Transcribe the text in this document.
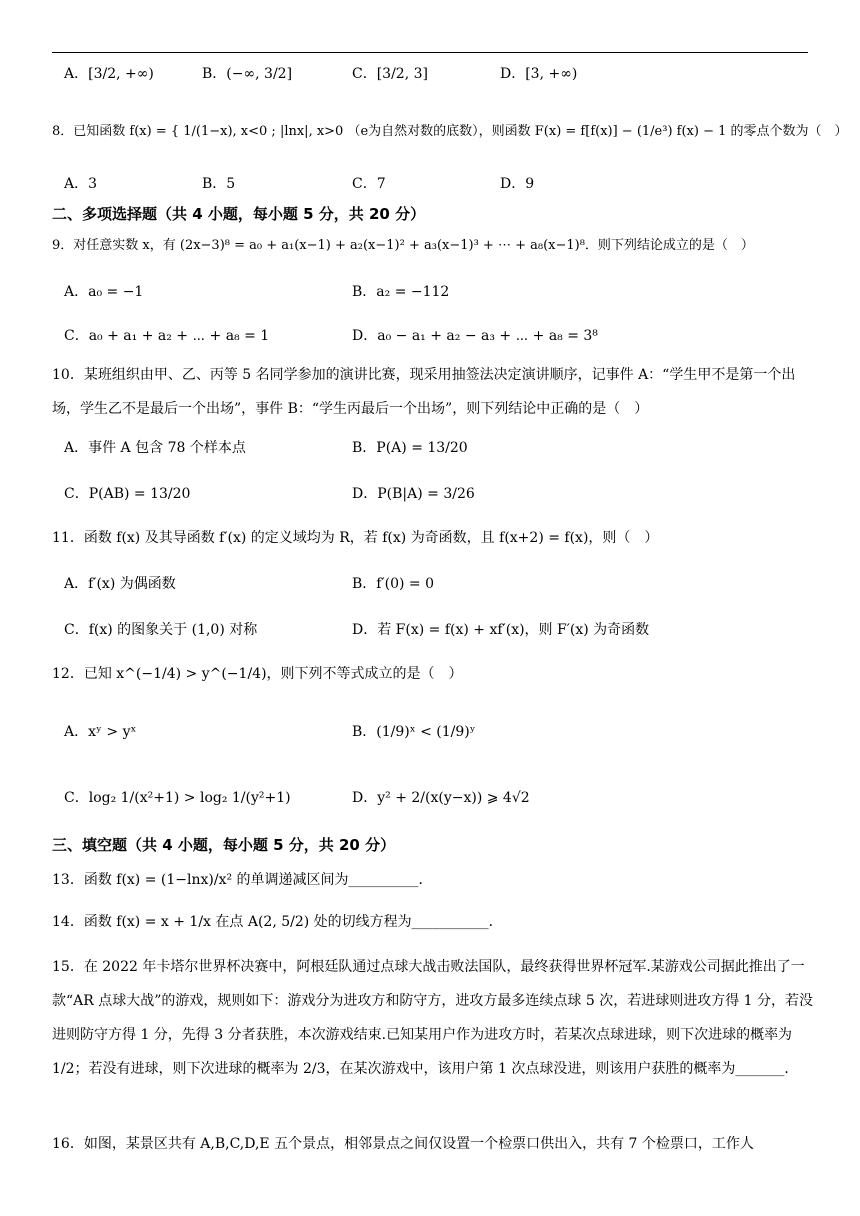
A．[3/2, +∞)	B．(−∞, 3/2]	C．[3/2, 3]	D．[3, +∞)
8．已知函数 f(x) = { 1/(1−x), x<0 ; |lnx|, x>0 （e为自然对数的底数），则函数 F(x) = f[f(x)] − (1/e³) f(x) − 1 的零点个数为（　）
A．3	B．5	C．7	D．9
二、多项选择题（共 4 小题，每小题 5 分，共 20 分）
9．对任意实数 x，有 (2x−3)⁸ = a₀ + a₁(x−1) + a₂(x−1)² + a₃(x−1)³ + ⋯ + a₈(x−1)⁸．则下列结论成立的是（　）
A．a₀ = −1	B．a₂ = −112
C．a₀ + a₁ + a₂ + ⋯ + a₈ = 1	D．a₀ − a₁ + a₂ − a₃ + ⋯ + a₈ = 3⁸
10．某班组织由甲、乙、丙等 5 名同学参加的演讲比赛，现采用抽签法决定演讲顺序，记事件 A：“学生甲不是第一个出场，学生乙不是最后一个出场”，事件 B：“学生丙最后一个出场”，则下列结论中正确的是（　）
A．事件 A 包含 78 个样本点	B．P(A) = 13/20
C．P(AB) = 13/20	D．P(B|A) = 3/26
11．函数 f(x) 及其导函数 f′(x) 的定义域均为 R，若 f(x) 为奇函数，且 f(x+2) = f(x)，则（　）
A．f′(x) 为偶函数	B．f′(0) = 0
C．f(x) 的图象关于 (1,0) 对称	D．若 F(x) = f(x) + xf′(x)，则 F′(x) 为奇函数
12．已知 x^(−1/4) > y^(−1/4)，则下列不等式成立的是（　）
A．xʸ > yˣ	B．(1/9)ˣ < (1/9)ʸ
C．log₂ 1/(x²+1) > log₂ 1/(y²+1)	D．y² + 2/(x(y−x)) ⩾ 4√2
三、填空题（共 4 小题，每小题 5 分，共 20 分）
13．函数 f(x) = (1−lnx)/x² 的单调递减区间为__________．
14．函数 f(x) = x + 1/x 在点 A(2, 5/2) 处的切线方程为___________．
15．在 2022 年卡塔尔世界杯决赛中，阿根廷队通过点球大战击败法国队，最终获得世界杯冠军.某游戏公司据此推出了一款“AR 点球大战”的游戏，规则如下：游戏分为进攻方和防守方，进攻方最多连续点球 5 次，若进球则进攻方得 1 分，若没进则防守方得 1 分，先得 3 分者获胜，本次游戏结束.已知某用户作为进攻方时，若某次点球进球，则下次进球的概率为 1/2；若没有进球，则下次进球的概率为 2/3，在某次游戏中，该用户第 1 次点球没进，则该用户获胜的概率为_______．
16．如图，某景区共有 A,B,C,D,E 五个景点，相邻景点之间仅设置一个检票口供出入，共有 7 个检票口，工作人
